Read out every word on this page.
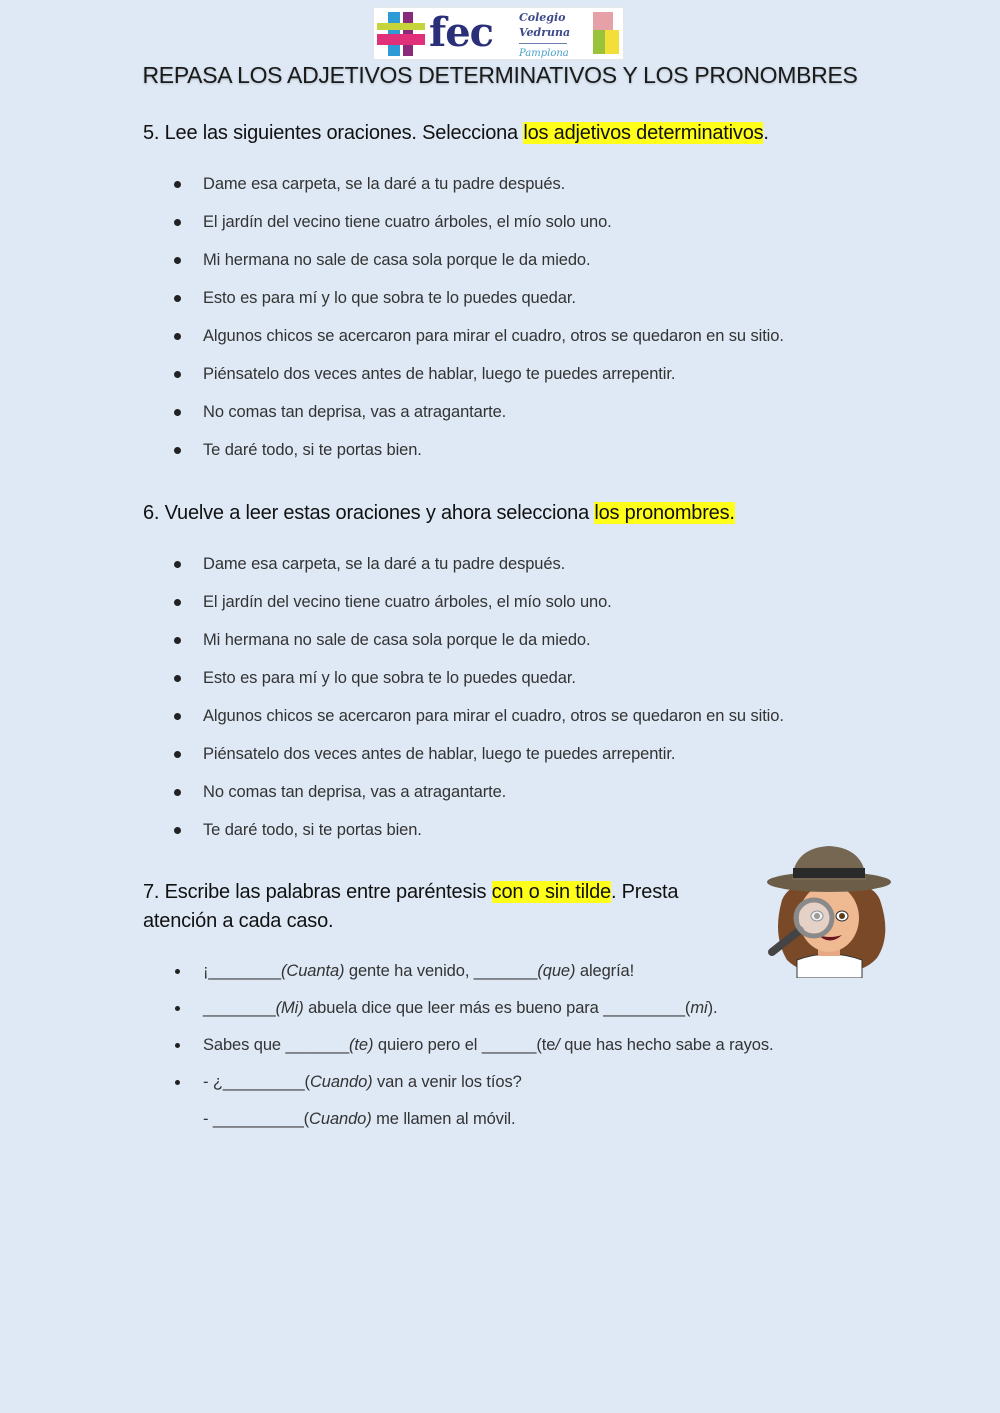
fec Colegio
Vedruna
Pamplona
REPASA LOS ADJETIVOS DETERMINATIVOS Y LOS PRONOMBRES
5. Lee las siguientes oraciones. Selecciona los adjetivos determinativos.
Dame esa carpeta, se la daré a tu padre después.
El jardín del vecino tiene cuatro árboles, el mío solo uno.
Mi hermana no sale de casa sola porque le da miedo.
Esto es para mí y lo que sobra te lo puedes quedar.
Algunos chicos se acercaron para mirar el cuadro, otros se quedaron en su sitio.
Piénsatelo dos veces antes de hablar, luego te puedes arrepentir.
No comas tan deprisa, vas a atragantarte.
Te daré todo, si te portas bien.
6. Vuelve a leer estas oraciones y ahora selecciona los pronombres.
Dame esa carpeta, se la daré a tu padre después.
El jardín del vecino tiene cuatro árboles, el mío solo uno.
Mi hermana no sale de casa sola porque le da miedo.
Esto es para mí y lo que sobra te lo puedes quedar.
Algunos chicos se acercaron para mirar el cuadro, otros se quedaron en su sitio.
Piénsatelo dos veces antes de hablar, luego te puedes arrepentir.
No comas tan deprisa, vas a atragantarte.
Te daré todo, si te portas bien.
7. Escribe las palabras entre paréntesis con o sin tilde. Presta
atención a cada caso.
¡________(Cuanta) gente ha venido, _______(que) alegría!
________(Mi) abuela dice que leer más es bueno para _________(mi).
Sabes que _______(te) quiero pero el ______(te/ que has hecho sabe a rayos.
- ¿_________(Cuando) van a venir los tíos?
- __________(Cuando) me llamen al móvil.
